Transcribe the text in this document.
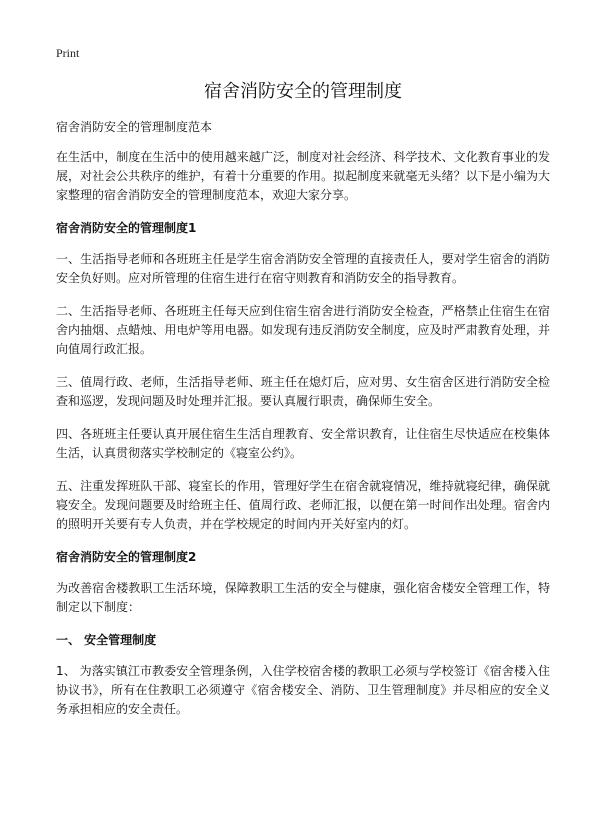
Print
宿舍消防安全的管理制度
宿舍消防安全的管理制度范本

在生活中，制度在生活中的使用越来越广泛，制度对社会经济、科学技术、文化教育事业的发展，对社会公共秩序的维护，有着十分重要的作用。拟起制度来就毫无头绪？以下是小编为大家整理的宿舍消防安全的管理制度范本，欢迎大家分享。

宿舍消防安全的管理制度1

一、生活指导老师和各班班主任是学生宿舍消防安全管理的直接责任人，要对学生宿舍的消防安全负好则。应对所管理的住宿生进行在宿守则教育和消防安全的指导教育。

二、生活指导老师、各班班主任每天应到住宿生宿舍进行消防安全检查，严格禁止住宿生在宿舍内抽烟、点蜡烛、用电炉等用电器。如发现有违反消防安全制度，应及时严肃教育处理，并向值周行政汇报。

三、值周行政、老师，生活指导老师、班主任在熄灯后，应对男、女生宿舍区进行消防安全检查和巡逻，发现问题及时处理并汇报。要认真履行职责，确保师生安全。

四、各班班主任要认真开展住宿生生活自理教育、安全常识教育，让住宿生尽快适应在校集体生活，认真贯彻落实学校制定的《寝室公约》。

五、注重发挥班队干部、寝室长的作用，管理好学生在宿舍就寝情况，维持就寝纪律，确保就寝安全。发现问题要及时给班主任、值周行政、老师汇报，以便在第一时间作出处理。宿舍内的照明开关要有专人负责，并在学校规定的时间内开关好室内的灯。

宿舍消防安全的管理制度2

为改善宿舍楼教职工生活环境，保障教职工生活的安全与健康，强化宿舍楼安全管理工作，特制定以下制度：

一、 安全管理制度

1、 为落实镇江市教委安全管理条例，入住学校宿舍楼的教职工必须与学校签订《宿舍楼入住协议书》，所有在住教职工必须遵守《宿舍楼安全、消防、卫生管理制度》并尽相应的安全义务承担相应的安全责任。
